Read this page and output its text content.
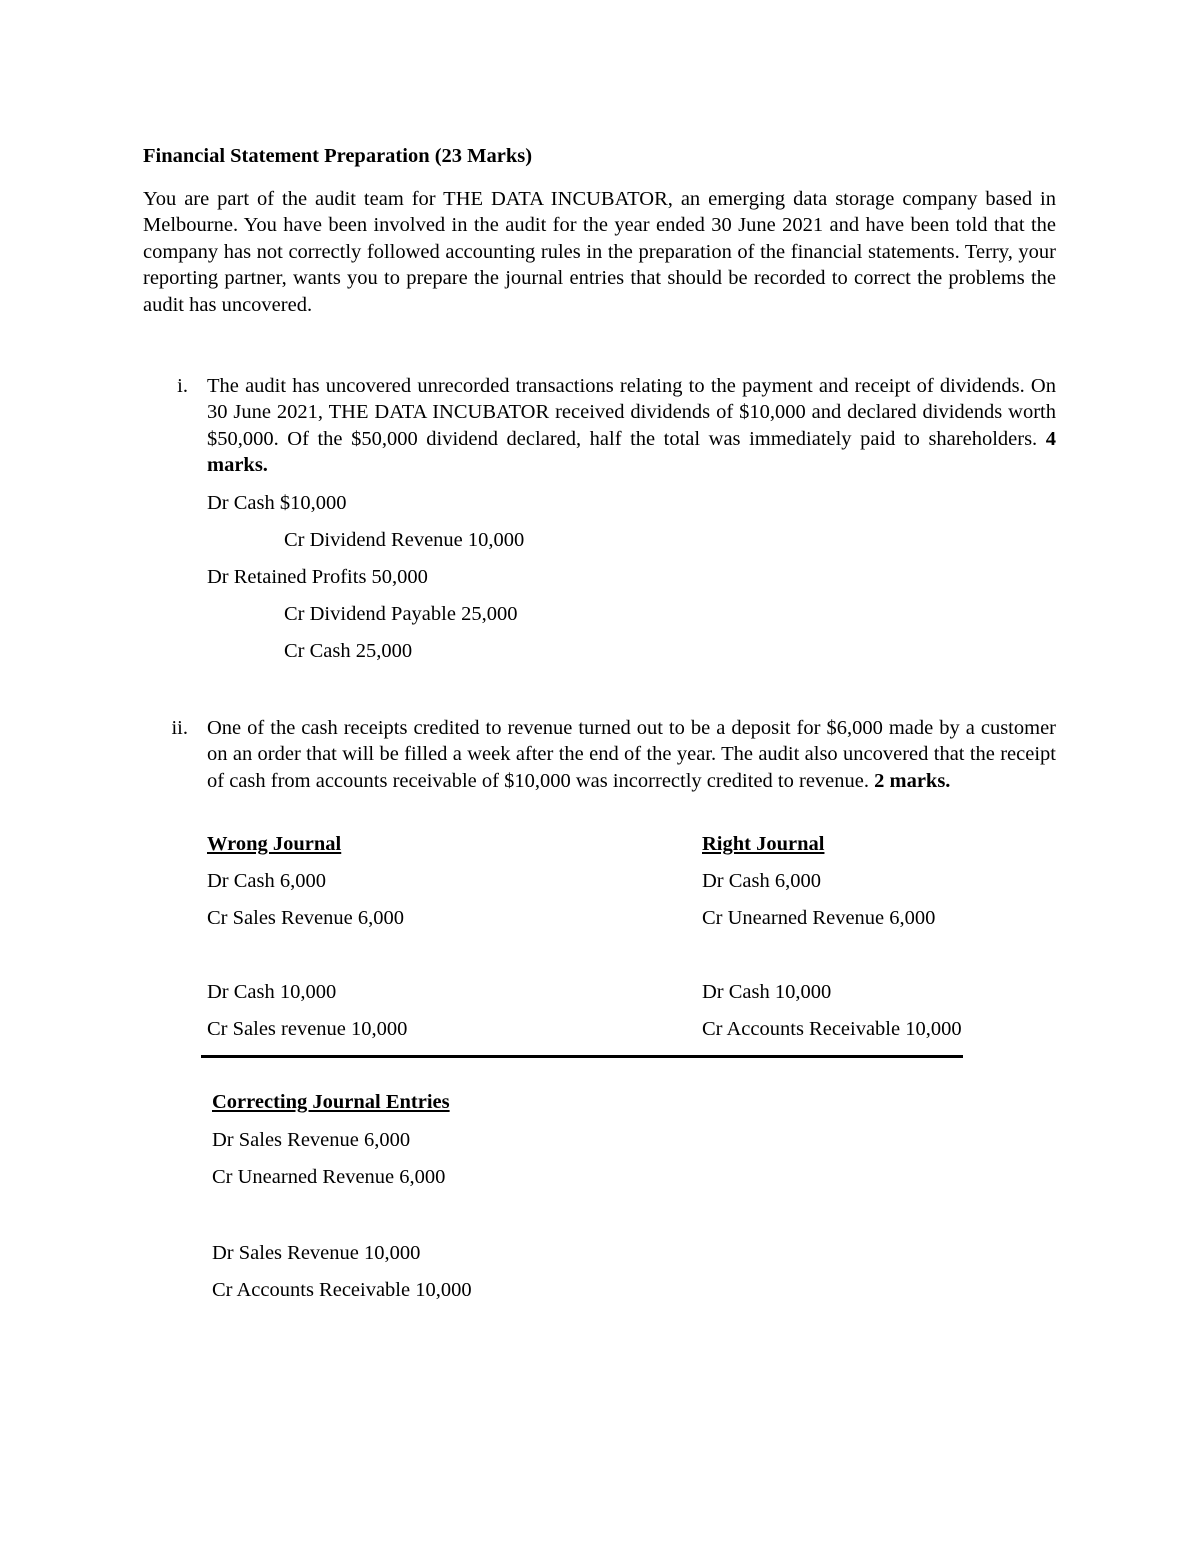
Financial Statement Preparation (23 Marks)
You are part of the audit team for THE DATA INCUBATOR, an emerging data storage company based in Melbourne. You have been involved in the audit for the year ended 30 June 2021 and have been told that the company has not correctly followed accounting rules in the preparation of the financial statements. Terry, your reporting partner, wants you to prepare the journal entries that should be recorded to correct the problems the audit has uncovered.
i. The audit has uncovered unrecorded transactions relating to the payment and receipt of dividends. On 30 June 2021, THE DATA INCUBATOR received dividends of $10,000 and declared dividends worth $50,000. Of the $50,000 dividend declared, half the total was immediately paid to shareholders. 4 marks.
Dr Cash $10,000
Cr Dividend Revenue 10,000
Dr Retained Profits 50,000
Cr Dividend Payable 25,000
Cr Cash 25,000
ii. One of the cash receipts credited to revenue turned out to be a deposit for $6,000 made by a customer on an order that will be filled a week after the end of the year. The audit also uncovered that the receipt of cash from accounts receivable of $10,000 was incorrectly credited to revenue. 2 marks.
Wrong Journal	Right Journal
Dr Cash 6,000
Cr Sales Revenue 6,000
Dr Cash 10,000
Cr Sales revenue 10,000
Dr Cash 6,000
Cr Unearned Revenue 6,000
Dr Cash 10,000
Cr Accounts Receivable 10,000
Correcting Journal Entries
Dr Sales Revenue 6,000
Cr Unearned Revenue 6,000
Dr Sales Revenue 10,000
Cr Accounts Receivable 10,000
